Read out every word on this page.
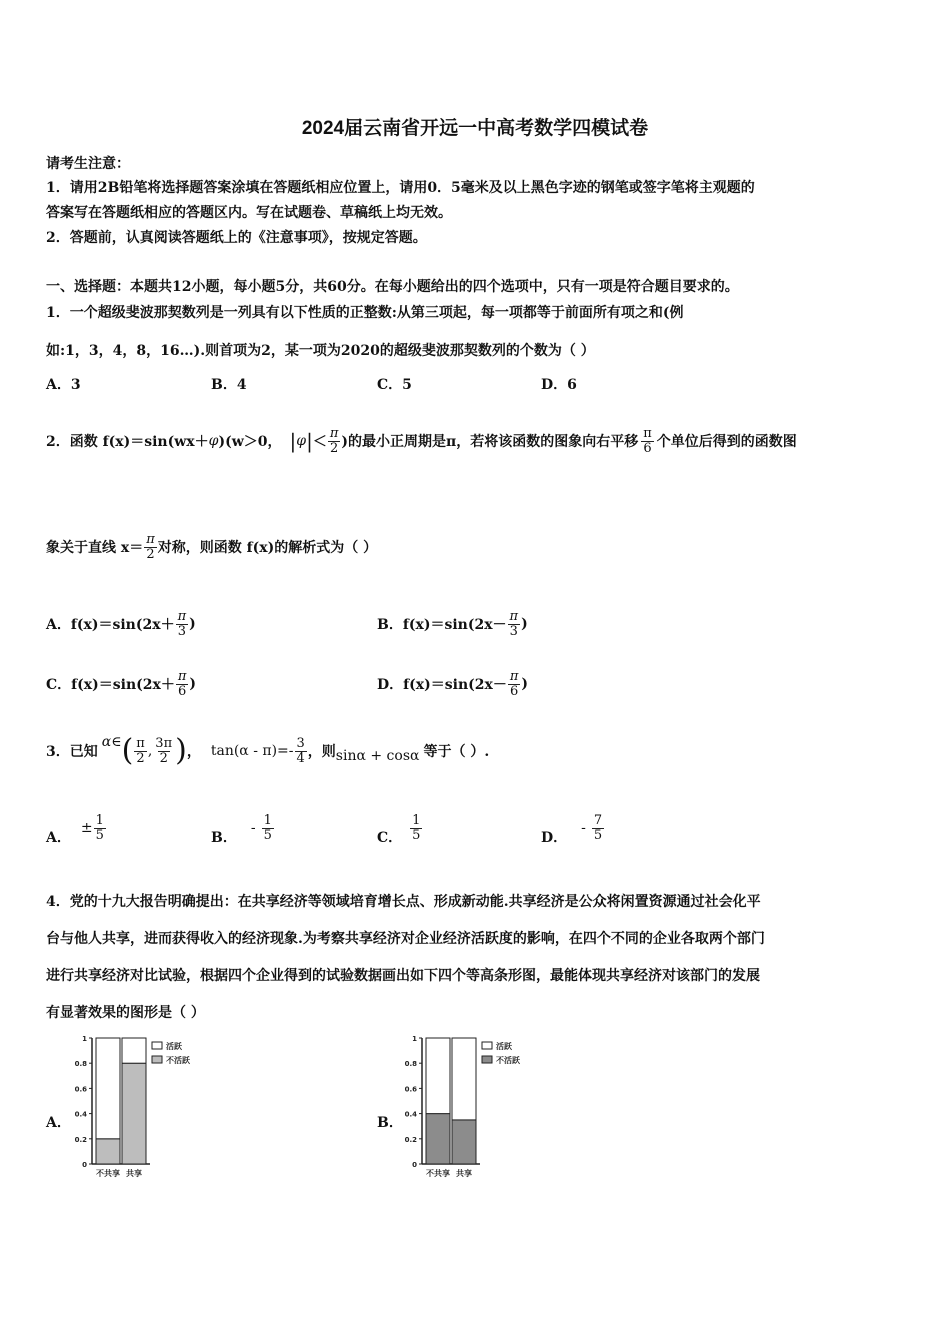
2024届云南省开远一中高考数学四模试卷
请考生注意：
1．请用2B铅笔将选择题答案涂填在答题纸相应位置上，请用0．5毫米及以上黑色字迹的钢笔或签字笔将主观题的
答案写在答题纸相应的答题区内。写在试题卷、草稿纸上均无效。
2．答题前，认真阅读答题纸上的《注意事项》，按规定答题。
一、选择题：本题共12小题，每小题5分，共60分。在每小题给出的四个选项中，只有一项是符合题目要求的。
1．一个超级斐波那契数列是一列具有以下性质的正整数:从第三项起，每一项都等于前面所有项之和(例
如:1，3，4，8，16…).则首项为2，某一项为2020的超级斐波那契数列的个数为（ ）
A．3	B．4	C．5	D．6
2．函数 f(x)＝sin(wx＋ φ )(w＞0， | φ | ＜ $\frac{\pi}{2}$ )的最小正周期是π，若将该函数的图象向右平移 $\frac{\pi}{6}$ 个单位后得到的函数图
象关于直线 $x= \frac{\pi}{2}$ 对称，则函数 f(x)的解析式为（ ）
A．$f(x)=\sin(2x+ \frac{\pi}{3}$ )	B．$f(x)=\sin(2x- \frac{\pi}{3}$ )
C．$f(x)=\sin(2x+ \frac{\pi}{6}$ )	D．$f(x)=\sin(2x- \frac{\pi}{6}$ )
3．已知
α∈ ( $\frac{\pi}{2}$ , $\frac{3\pi}{2}$ ) ， $\tan(\alpha - \pi)=- \frac{3}{4}$ ，则 sinα + cosα 等于（ ）.
A．
± $\frac{1}{5}$	B．
- $\frac{1}{5}$	C． $\frac{1}{5}$	D．
- $\frac{7}{5}$
4．党的十九大报告明确提出：在共享经济等领域培育增长点、形成新动能.共享经济是公众将闲置资源通过社会化平
台与他人共享，进而获得收入的经济现象.为考察共享经济对企业经济活跃度的影响，在四个不同的企业各取两个部门
进行共享经济对比试验，根据四个企业得到的试验数据画出如下四个等高条形图，最能体现共享经济对该部门的发展
有显著效果的图形是（ ）
A．	B．
0
0.2
0.4
0.6
0.8
1
不共享 共享
活跃
不活跃
0
0.2
0.4
0.6
0.8
1
不共享 共享
活跃
不活跃
